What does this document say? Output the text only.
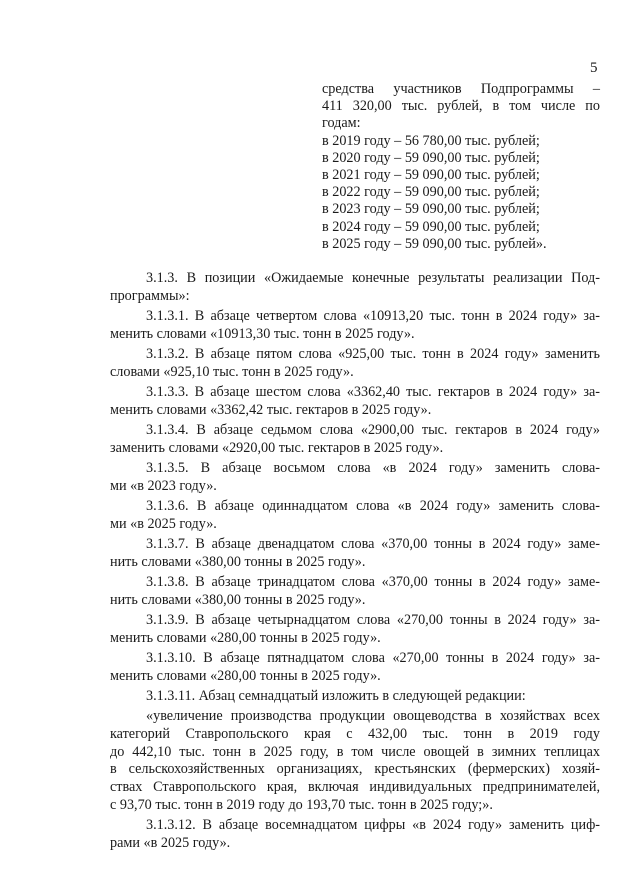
5
средства участников Подпрограммы –
411 320,00 тыс. рублей, в том числе по
годам:
в 2019 году – 56 780,00 тыс. рублей;
в 2020 году – 59 090,00 тыс. рублей;
в 2021 году – 59 090,00 тыс. рублей;
в 2022 году – 59 090,00 тыс. рублей;
в 2023 году – 59 090,00 тыс. рублей;
в 2024 году – 59 090,00 тыс. рублей;
в 2025 году – 59 090,00 тыс. рублей».
3.1.3. В позиции «Ожидаемые конечные результаты реализации Под-
программы»:
3.1.3.1. В абзаце четвертом слова «10913,20 тыс. тонн в 2024 году» за-
менить словами «10913,30 тыс. тонн в 2025 году».
3.1.3.2. В абзаце пятом слова «925,00 тыс. тонн в 2024 году» заменить
словами «925,10 тыс. тонн в 2025 году».
3.1.3.3. В абзаце шестом слова «3362,40 тыс. гектаров в 2024 году» за-
менить словами «3362,42 тыс. гектаров в 2025 году».
3.1.3.4. В абзаце седьмом слова «2900,00 тыс. гектаров в 2024 году»
заменить словами «2920,00 тыс. гектаров в 2025 году».
3.1.3.5. В абзаце восьмом слова «в 2024 году» заменить слова-
ми «в 2023 году».
3.1.3.6. В абзаце одиннадцатом слова «в 2024 году» заменить слова-
ми «в 2025 году».
3.1.3.7. В абзаце двенадцатом слова «370,00 тонны в 2024 году» заме-
нить словами «380,00 тонны в 2025 году».
3.1.3.8. В абзаце тринадцатом слова «370,00 тонны в 2024 году» заме-
нить словами «380,00 тонны в 2025 году».
3.1.3.9. В абзаце четырнадцатом слова «270,00 тонны в 2024 году» за-
менить словами «280,00 тонны в 2025 году».
3.1.3.10. В абзаце пятнадцатом слова «270,00 тонны в 2024 году» за-
менить словами «280,00 тонны в 2025 году».
3.1.3.11. Абзац семнадцатый изложить в следующей редакции:
«увеличение производства продукции овощеводства в хозяйствах всех
категорий Ставропольского края с 432,00 тыс. тонн в 2019 году
до 442,10 тыс. тонн в 2025 году, в том числе овощей в зимних теплицах
в сельскохозяйственных организациях, крестьянских (фермерских) хозяй-
ствах Ставропольского края, включая индивидуальных предпринимателей,
с 93,70 тыс. тонн в 2019 году до 193,70 тыс. тонн в 2025 году;».
3.1.3.12. В абзаце восемнадцатом цифры «в 2024 году» заменить циф-
рами «в 2025 году».
